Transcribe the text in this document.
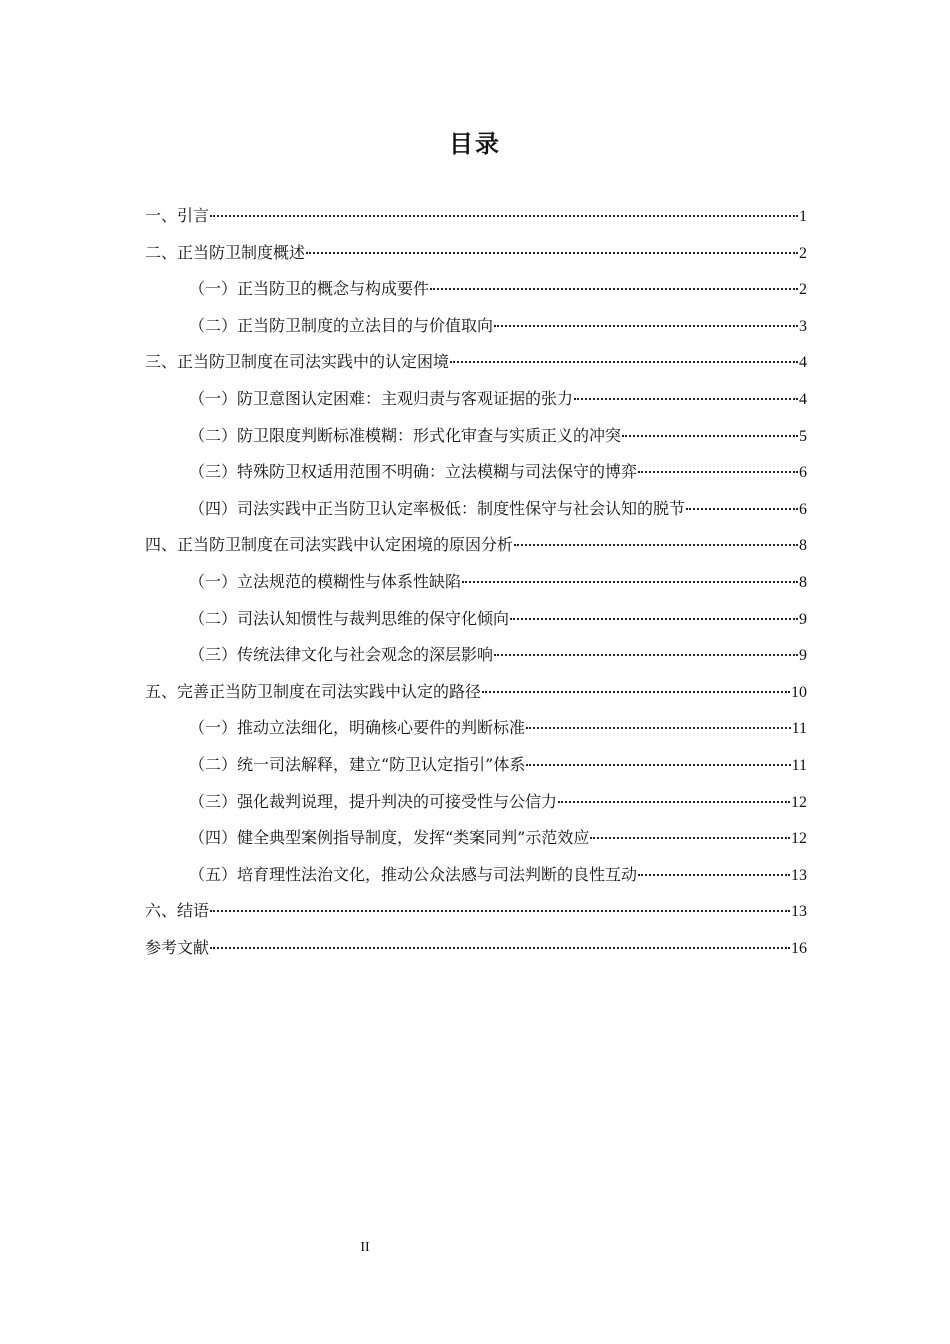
目录
一、引言	1
二、正当防卫制度概述	2
（一）正当防卫的概念与构成要件	2
（二）正当防卫制度的立法目的与价值取向	3
三、正当防卫制度在司法实践中的认定困境	4
（一）防卫意图认定困难：主观归责与客观证据的张力	4
（二）防卫限度判断标准模糊：形式化审查与实质正义的冲突	5
（三）特殊防卫权适用范围不明确：立法模糊与司法保守的博弈	6
（四）司法实践中正当防卫认定率极低：制度性保守与社会认知的脱节	6
四、正当防卫制度在司法实践中认定困境的原因分析	8
（一）立法规范的模糊性与体系性缺陷	8
（二）司法认知惯性与裁判思维的保守化倾向	9
（三）传统法律文化与社会观念的深层影响	9
五、完善正当防卫制度在司法实践中认定的路径	10
（一）推动立法细化，明确核心要件的判断标准	11
（二）统一司法解释，建立“防卫认定指引”体系	11
（三）强化裁判说理，提升判决的可接受性与公信力	12
（四）健全典型案例指导制度，发挥“类案同判”示范效应	12
（五）培育理性法治文化，推动公众法感与司法判断的良性互动	13
六、结语	13
参考文献	16
II
